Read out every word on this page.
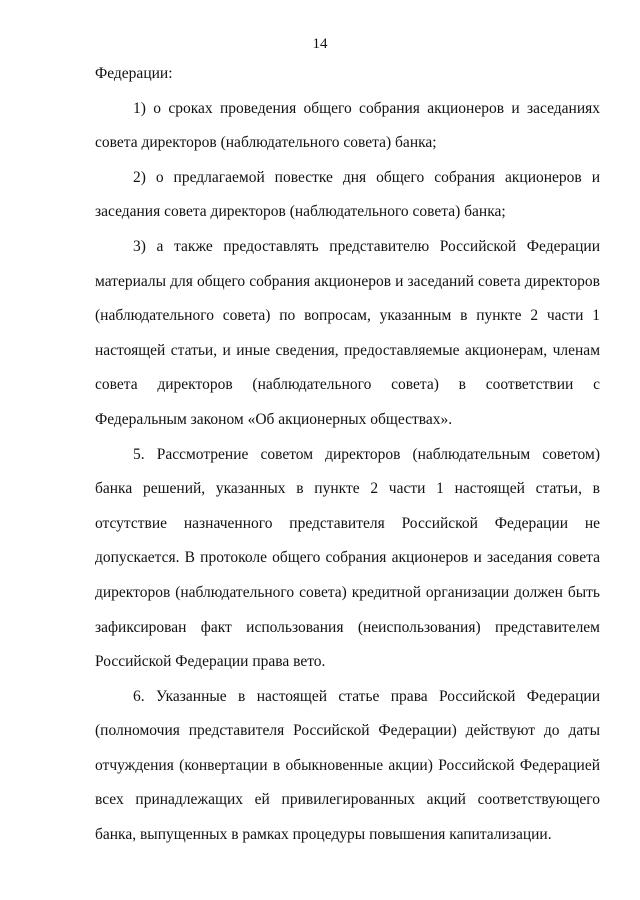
14

Федерации:

1) о сроках проведения общего собрания акционеров и заседаниях совета директоров (наблюдательного совета) банка;

2) о предлагаемой повестке дня общего собрания акционеров и заседания совета директоров (наблюдательного совета) банка;

3) а также предоставлять представителю Российской Федерации материалы для общего собрания акционеров и заседаний совета директоров (наблюдательного совета) по вопросам, указанным в пункте 2 части 1 настоящей статьи, и иные сведения, предоставляемые акционерам, членам совета директоров (наблюдательного совета) в соответствии с Федеральным законом «Об акционерных обществах».

5. Рассмотрение советом директоров (наблюдательным советом) банка решений, указанных в пункте 2 части 1 настоящей статьи, в отсутствие назначенного представителя Российской Федерации не допускается. В протоколе общего собрания акционеров и заседания совета директоров (наблюдательного совета) кредитной организации должен быть зафиксирован факт использования (неиспользования) представителем Российской Федерации права вето.

6. Указанные в настоящей статье права Российской Федерации (полномочия представителя Российской Федерации) действуют до даты отчуждения (конвертации в обыкновенные акции) Российской Федерацией всех принадлежащих ей привилегированных акций соответствующего банка, выпущенных в рамках процедуры повышения капитализации.
